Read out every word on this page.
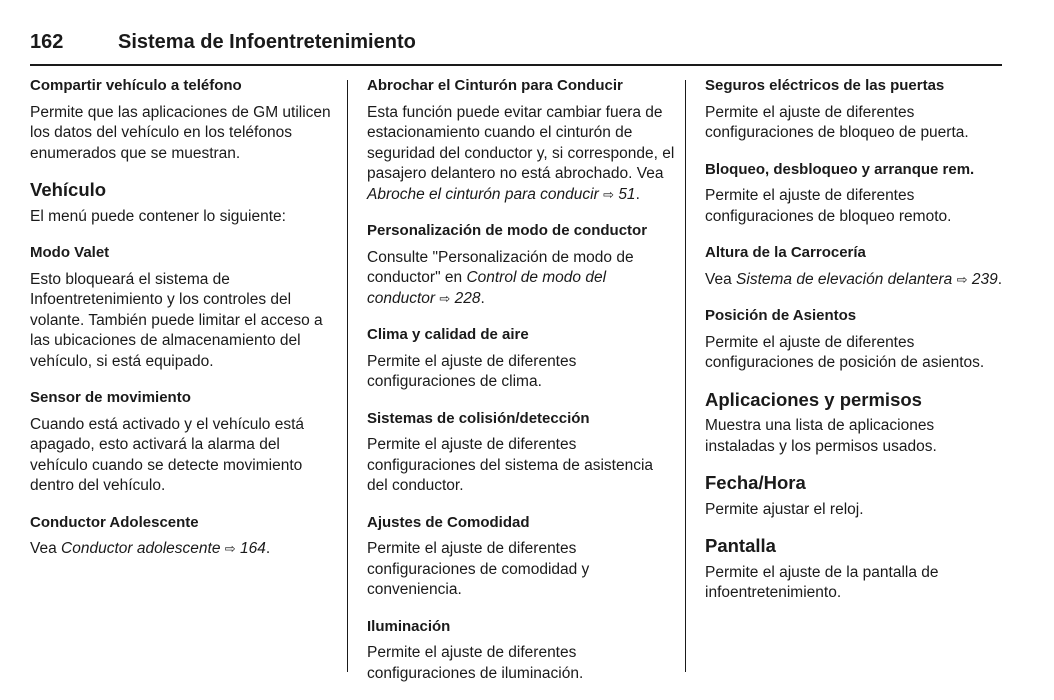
162	Sistema de Infoentretenimiento
Compartir vehículo a teléfono
Permite que las aplicaciones de GM utilicen los datos del vehículo en los teléfonos enumerados que se muestran.
Vehículo
El menú puede contener lo siguiente:
Modo Valet
Esto bloqueará el sistema de Infoentretenimiento y los controles del volante. También puede limitar el acceso a las ubicaciones de almacenamiento del vehículo, si está equipado.
Sensor de movimiento
Cuando está activado y el vehículo está apagado, esto activará la alarma del vehículo cuando se detecte movimiento dentro del vehículo.
Conductor Adolescente
Vea Conductor adolescente ⇨ 164.
Abrochar el Cinturón para Conducir
Esta función puede evitar cambiar fuera de estacionamiento cuando el cinturón de seguridad del conductor y, si corresponde, el pasajero delantero no está abrochado. Vea Abroche el cinturón para conducir ⇨ 51.
Personalización de modo de conductor
Consulte "Personalización de modo de conductor" en Control de modo del conductor ⇨ 228.
Clima y calidad de aire
Permite el ajuste de diferentes configuraciones de clima.
Sistemas de colisión/detección
Permite el ajuste de diferentes configuraciones del sistema de asistencia del conductor.
Ajustes de Comodidad
Permite el ajuste de diferentes configuraciones de comodidad y conveniencia.
Iluminación
Permite el ajuste de diferentes configuraciones de iluminación.
Seguros eléctricos de las puertas
Permite el ajuste de diferentes configuraciones de bloqueo de puerta.
Bloqueo, desbloqueo y arranque rem.
Permite el ajuste de diferentes configuraciones de bloqueo remoto.
Altura de la Carrocería
Vea Sistema de elevación delantera ⇨ 239.
Posición de Asientos
Permite el ajuste de diferentes configuraciones de posición de asientos.
Aplicaciones y permisos
Muestra una lista de aplicaciones instaladas y los permisos usados.
Fecha/Hora
Permite ajustar el reloj.
Pantalla
Permite el ajuste de la pantalla de infoentretenimiento.
